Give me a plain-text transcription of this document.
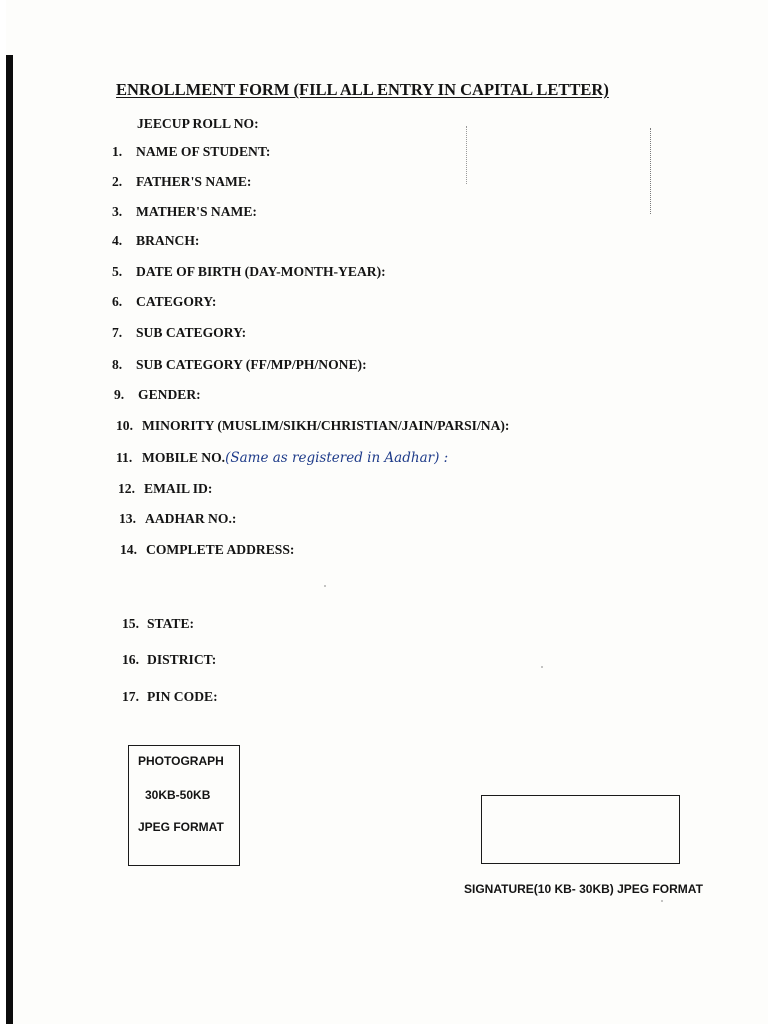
ENROLLMENT FORM (FILL ALL ENTRY IN CAPITAL LETTER)
JEECUP ROLL NO:
1. NAME OF STUDENT:
2. FATHER'S NAME:
3. MATHER'S NAME:
4. BRANCH:
5. DATE OF BIRTH (DAY-MONTH-YEAR):
6. CATEGORY:
7. SUB CATEGORY:
8. SUB CATEGORY (FF/MP/PH/NONE):
9. GENDER:
10. MINORITY (MUSLIM/SIKH/CHRISTIAN/JAIN/PARSI/NA):
11. MOBILE NO.(Same as registered in Aadhar) :
12. EMAIL ID:
13. AADHAR NO.:
14. COMPLETE ADDRESS:
15. STATE:
16. DISTRICT:
17. PIN CODE:
PHOTOGRAPH
30KB-50KB
JPEG FORMAT
SIGNATURE(10 KB- 30KB) JPEG FORMAT
